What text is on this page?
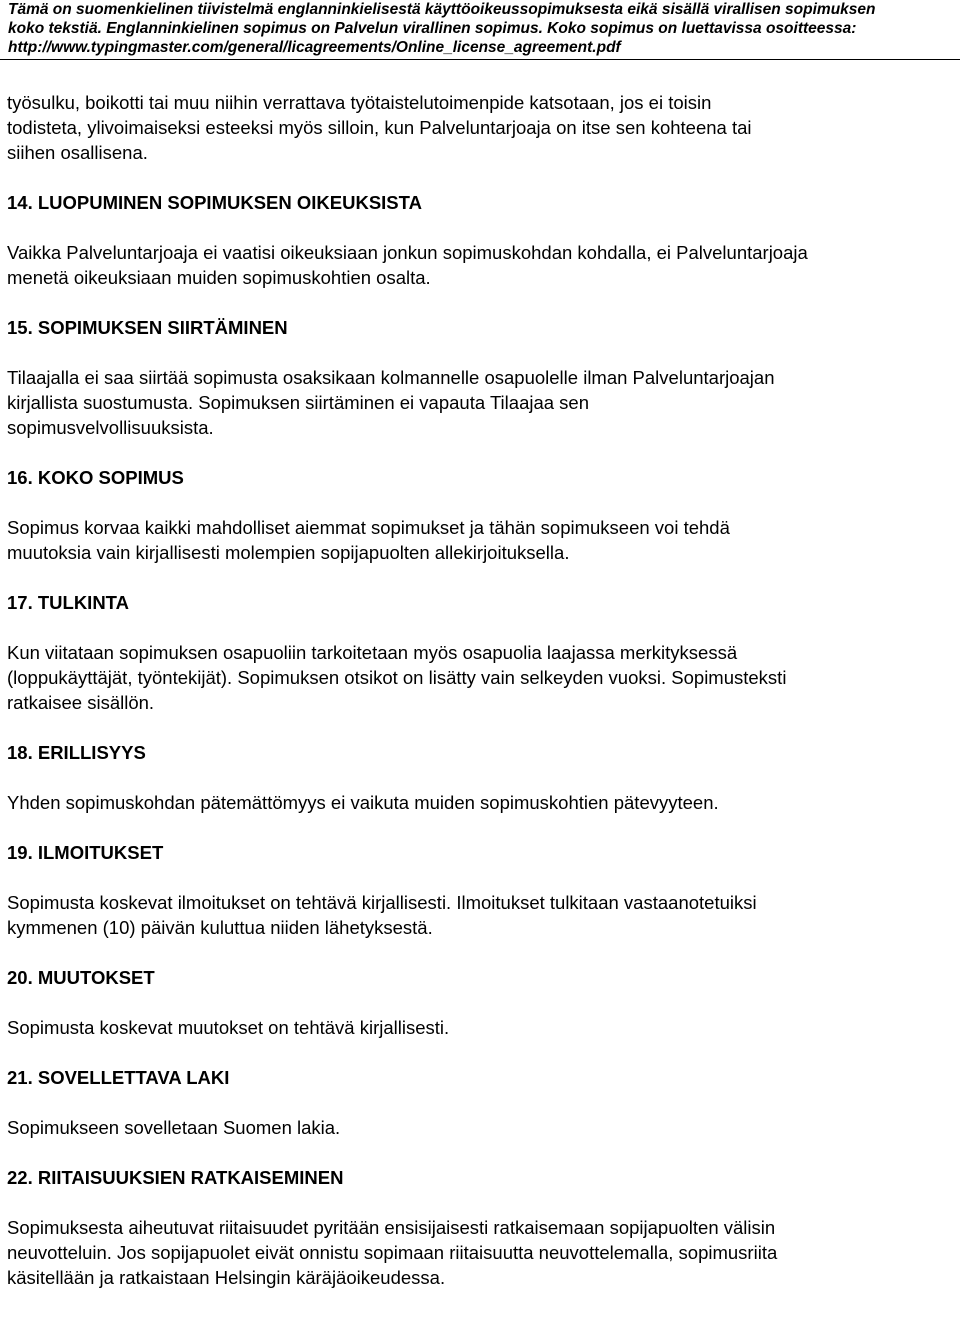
Tämä on suomenkielinen tiivistelmä englanninkielisestä käyttöoikeussopimuksesta eikä sisällä virallisen sopimuksen
koko tekstiä. Englanninkielinen sopimus on Palvelun virallinen sopimus. Koko sopimus on luettavissa osoitteessa:
http://www.typingmaster.com/general/licagreements/Online_license_agreement.pdf

työsulku, boikotti tai muu niihin verrattava työtaistelutoimenpide katsotaan, jos ei toisin
todisteta, ylivoimaiseksi esteeksi myös silloin, kun Palveluntarjoaja on itse sen kohteena tai
siihen osallisena.

14. LUOPUMINEN SOPIMUKSEN OIKEUKSISTA

Vaikka Palveluntarjoaja ei vaatisi oikeuksiaan jonkun sopimuskohdan kohdalla, ei Palveluntarjoaja
menetä oikeuksiaan muiden sopimuskohtien osalta.

15. SOPIMUKSEN SIIRTÄMINEN

Tilaajalla ei saa siirtää sopimusta osaksikaan kolmannelle osapuolelle ilman Palveluntarjoajan
kirjallista suostumusta. Sopimuksen siirtäminen ei vapauta Tilaajaa sen
sopimusvelvollisuuksista.

16. KOKO SOPIMUS

Sopimus korvaa kaikki mahdolliset aiemmat sopimukset ja tähän sopimukseen voi tehdä
muutoksia vain kirjallisesti molempien sopijapuolten allekirjoituksella.

17. TULKINTA

Kun viitataan sopimuksen osapuoliin tarkoitetaan myös osapuolia laajassa merkityksessä
(loppukäyttäjät, työntekijät). Sopimuksen otsikot on lisätty vain selkeyden vuoksi. Sopimusteksti
ratkaisee sisällön.

18. ERILLISYYS

Yhden sopimuskohdan pätemättömyys ei vaikuta muiden sopimuskohtien pätevyyteen.

19. ILMOITUKSET

Sopimusta koskevat ilmoitukset on tehtävä kirjallisesti. Ilmoitukset tulkitaan vastaanotetuiksi
kymmenen (10) päivän kuluttua niiden lähetyksestä.

20. MUUTOKSET

Sopimusta koskevat muutokset on tehtävä kirjallisesti.

21. SOVELLETTAVA LAKI

Sopimukseen sovelletaan Suomen lakia.

22. RIITAISUUKSIEN RATKAISEMINEN

Sopimuksesta aiheutuvat riitaisuudet pyritään ensisijaisesti ratkaisemaan sopijapuolten välisin
neuvotteluin. Jos sopijapuolet eivät onnistu sopimaan riitaisuutta neuvottelemalla, sopimusriita
käsitellään ja ratkaistaan Helsingin käräjäoikeudessa.
